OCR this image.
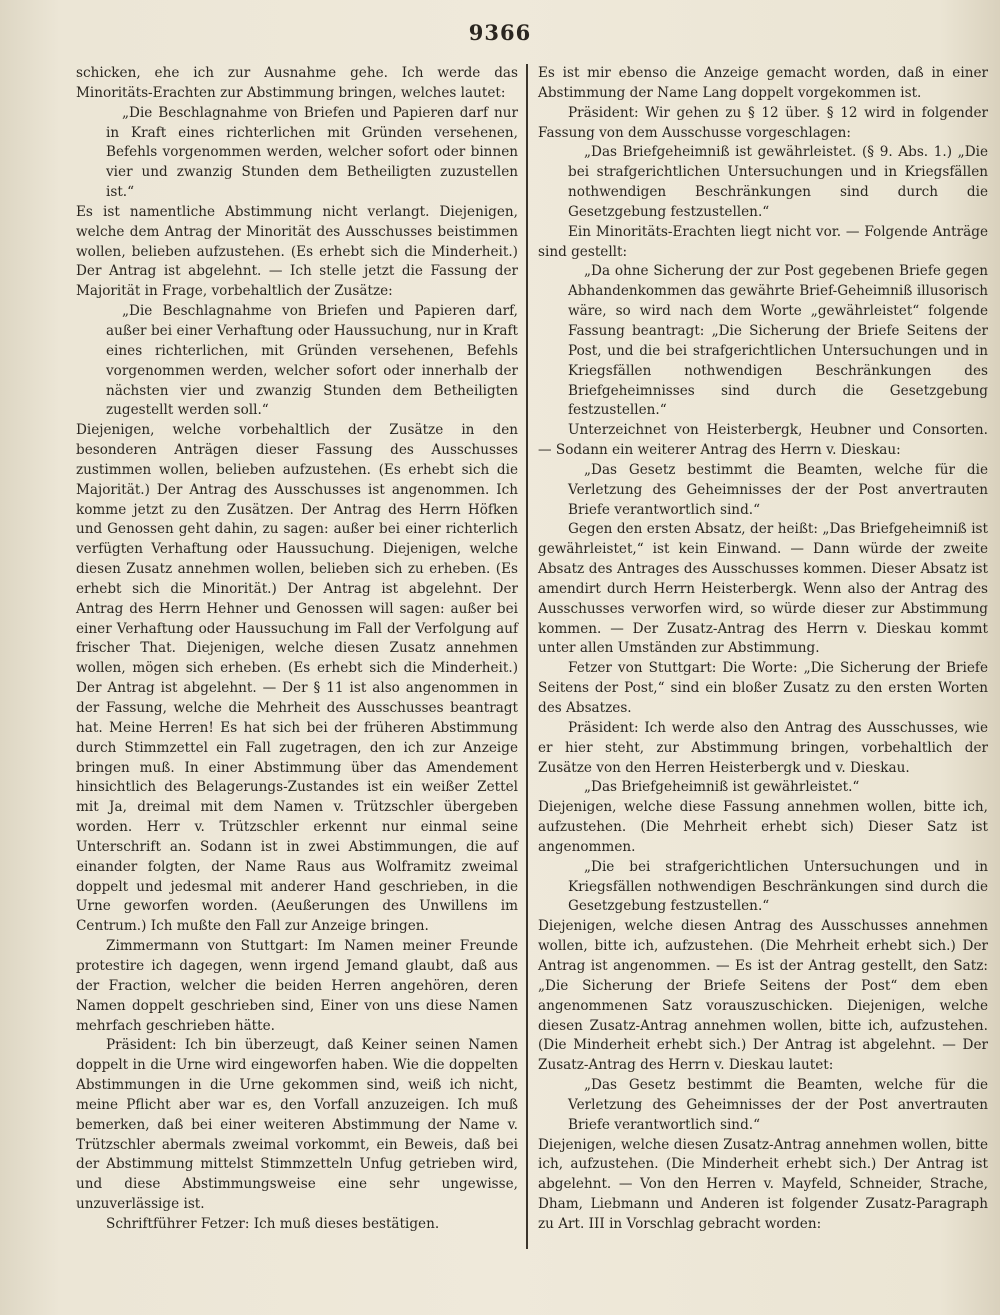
9366

schicken, ehe ich zur Ausnahme gehe. Ich werde das Minoritäts-Erachten zur Abstimmung bringen, welches lautet:

„Die Beschlagnahme von Briefen und Papieren darf nur in Kraft eines richterlichen mit Gründen versehenen, Befehls vorgenommen werden, welcher sofort oder binnen vier und zwanzig Stunden dem Betheiligten zuzustellen ist.“

Es ist namentliche Abstimmung nicht verlangt. Diejenigen, welche dem Antrag der Minorität des Ausschusses beistimmen wollen, belieben aufzustehen. (Es erhebt sich die Minderheit.) Der Antrag ist abgelehnt. — Ich stelle jetzt die Fassung der Majorität in Frage, vorbehaltlich der Zusätze:

„Die Beschlagnahme von Briefen und Papieren darf, außer bei einer Verhaftung oder Haussuchung, nur in Kraft eines richterlichen, mit Gründen versehenen, Befehls vorgenommen werden, welcher sofort oder innerhalb der nächsten vier und zwanzig Stunden dem Betheiligten zugestellt werden soll.“

Diejenigen, welche vorbehaltlich der Zusätze in den besonderen Anträgen dieser Fassung des Ausschusses zustimmen wollen, belieben aufzustehen. (Es erhebt sich die Majorität.) Der Antrag des Ausschusses ist angenommen. Ich komme jetzt zu den Zusätzen. Der Antrag des Herrn Höfken und Genossen geht dahin, zu sagen: außer bei einer richterlich verfügten Verhaftung oder Haussuchung. Diejenigen, welche diesen Zusatz annehmen wollen, belieben sich zu erheben. (Es erhebt sich die Minorität.) Der Antrag ist abgelehnt. Der Antrag des Herrn Hehner und Genossen will sagen: außer bei einer Verhaftung oder Haussuchung im Fall der Verfolgung auf frischer That. Diejenigen, welche diesen Zusatz annehmen wollen, mögen sich erheben. (Es erhebt sich die Minderheit.) Der Antrag ist abgelehnt. — Der § 11 ist also angenommen in der Fassung, welche die Mehrheit des Ausschusses beantragt hat. Meine Herren! Es hat sich bei der früheren Abstimmung durch Stimmzettel ein Fall zugetragen, den ich zur Anzeige bringen muß. In einer Abstimmung über das Amendement hinsichtlich des Belagerungs-Zustandes ist ein weißer Zettel mit Ja, dreimal mit dem Namen v. Trützschler übergeben worden. Herr v. Trützschler erkennt nur einmal seine Unterschrift an. Sodann ist in zwei Abstimmungen, die auf einander folgten, der Name Raus aus Wolframitz zweimal doppelt und jedesmal mit anderer Hand geschrieben, in die Urne geworfen worden. (Aeußerungen des Unwillens im Centrum.) Ich mußte den Fall zur Anzeige bringen.

Zimmermann von Stuttgart: Im Namen meiner Freunde protestire ich dagegen, wenn irgend Jemand glaubt, daß aus der Fraction, welcher die beiden Herren angehören, deren Namen doppelt geschrieben sind, Einer von uns diese Namen mehrfach geschrieben hätte.

Präsident: Ich bin überzeugt, daß Keiner seinen Namen doppelt in die Urne wird eingeworfen haben. Wie die doppelten Abstimmungen in die Urne gekommen sind, weiß ich nicht, meine Pflicht aber war es, den Vorfall anzuzeigen. Ich muß bemerken, daß bei einer weiteren Abstimmung der Name v. Trützschler abermals zweimal vorkommt, ein Beweis, daß bei der Abstimmung mittelst Stimmzetteln Unfug getrieben wird, und diese Abstimmungsweise eine sehr ungewisse, unzuverlässige ist.

Schriftführer Fetzer: Ich muß dieses bestätigen.

Es ist mir ebenso die Anzeige gemacht worden, daß in einer Abstimmung der Name Lang doppelt vorgekommen ist.

Präsident: Wir gehen zu § 12 über. § 12 wird in folgender Fassung von dem Ausschusse vorgeschlagen:

„Das Briefgeheimniß ist gewährleistet. (§ 9. Abs. 1.) „Die bei strafgerichtlichen Untersuchungen und in Kriegsfällen nothwendigen Beschränkungen sind durch die Gesetzgebung festzustellen.“

Ein Minoritäts-Erachten liegt nicht vor. — Folgende Anträge sind gestellt:

„Da ohne Sicherung der zur Post gegebenen Briefe gegen Abhandenkommen das gewährte Brief-Geheimniß illusorisch wäre, so wird nach dem Worte „gewährleistet“ folgende Fassung beantragt: „Die Sicherung der Briefe Seitens der Post, und die bei strafgerichtlichen Untersuchungen und in Kriegsfällen nothwendigen Beschränkungen des Briefgeheimnisses sind durch die Gesetzgebung festzustellen.“

Unterzeichnet von Heisterbergk, Heubner und Consorten. — Sodann ein weiterer Antrag des Herrn v. Dieskau:

„Das Gesetz bestimmt die Beamten, welche für die Verletzung des Geheimnisses der der Post anvertrauten Briefe verantwortlich sind.“

Gegen den ersten Absatz, der heißt: „Das Briefgeheimniß ist gewährleistet,“ ist kein Einwand. — Dann würde der zweite Absatz des Antrages des Ausschusses kommen. Dieser Absatz ist amendirt durch Herrn Heisterbergk. Wenn also der Antrag des Ausschusses verworfen wird, so würde dieser zur Abstimmung kommen. — Der Zusatz-Antrag des Herrn v. Dieskau kommt unter allen Umständen zur Abstimmung.

Fetzer von Stuttgart: Die Worte: „Die Sicherung der Briefe Seitens der Post,“ sind ein bloßer Zusatz zu den ersten Worten des Absatzes.

Präsident: Ich werde also den Antrag des Ausschusses, wie er hier steht, zur Abstimmung bringen, vorbehaltlich der Zusätze von den Herren Heisterbergk und v. Dieskau.

„Das Briefgeheimniß ist gewährleistet.“

Diejenigen, welche diese Fassung annehmen wollen, bitte ich, aufzustehen. (Die Mehrheit erhebt sich) Dieser Satz ist angenommen.

„Die bei strafgerichtlichen Untersuchungen und in Kriegsfällen nothwendigen Beschränkungen sind durch die Gesetzgebung festzustellen.“

Diejenigen, welche diesen Antrag des Ausschusses annehmen wollen, bitte ich, aufzustehen. (Die Mehrheit erhebt sich.) Der Antrag ist angenommen. — Es ist der Antrag gestellt, den Satz: „Die Sicherung der Briefe Seitens der Post“ dem eben angenommenen Satz vorauszuschicken. Diejenigen, welche diesen Zusatz-Antrag annehmen wollen, bitte ich, aufzustehen. (Die Minderheit erhebt sich.) Der Antrag ist abgelehnt. — Der Zusatz-Antrag des Herrn v. Dieskau lautet:

„Das Gesetz bestimmt die Beamten, welche für die Verletzung des Geheimnisses der der Post anvertrauten Briefe verantwortlich sind.“

Diejenigen, welche diesen Zusatz-Antrag annehmen wollen, bitte ich, aufzustehen. (Die Minderheit erhebt sich.) Der Antrag ist abgelehnt. — Von den Herren v. Mayfeld, Schneider, Strache, Dham, Liebmann und Anderen ist folgender Zusatz-Paragraph zu Art. III in Vorschlag gebracht worden:
